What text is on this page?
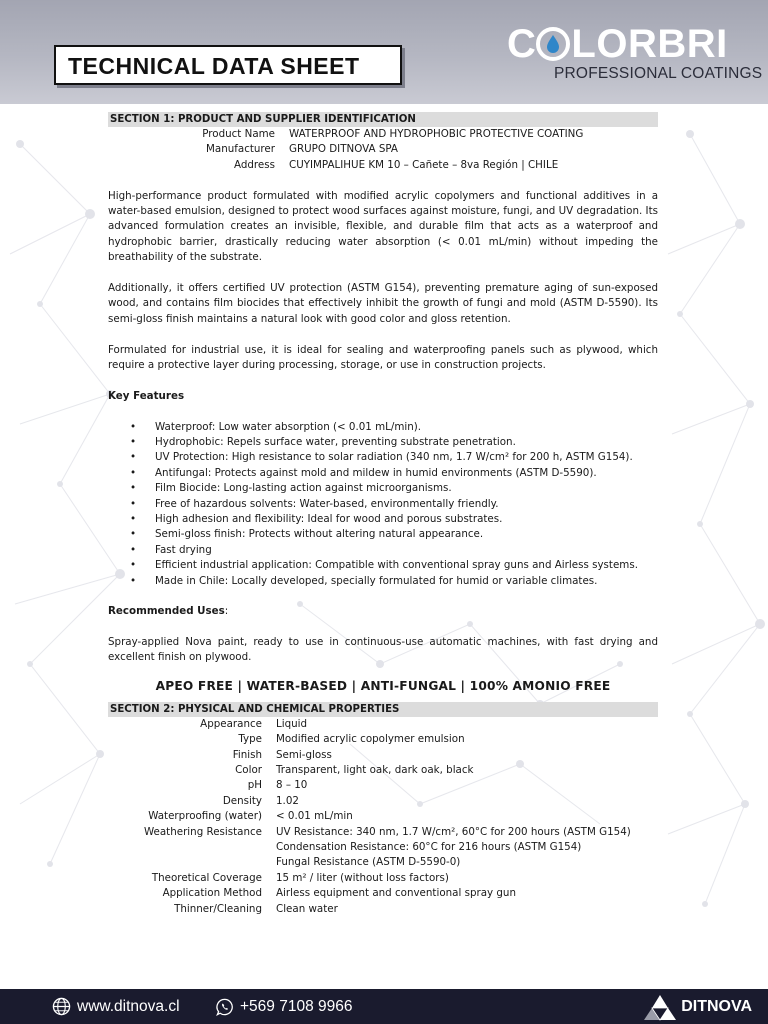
TECHNICAL DATA SHEET	C LORBRI
PROFESSIONAL COATINGS
SECTION 1: PRODUCT AND SUPPLIER IDENTIFICATION
Product Name	WATERPROOF AND HYDROPHOBIC PROTECTIVE COATING
Manufacturer	GRUPO DITNOVA SPA
Address	CUYIMPALIHUE KM 10 – Cañete – 8va Región | CHILE

High-performance product formulated with modified acrylic copolymers and functional additives in a water-based emulsion, designed to protect wood surfaces against moisture, fungi, and UV degradation. Its advanced formulation creates an invisible, flexible, and durable film that acts as a waterproof and hydrophobic barrier, drastically reducing water absorption (< 0.01 mL/min) without impeding the breathability of the substrate.

Additionally, it offers certified UV protection (ASTM G154), preventing premature aging of sun-exposed wood, and contains film biocides that effectively inhibit the growth of fungi and mold (ASTM D-5590). Its semi-gloss finish maintains a natural look with good color and gloss retention.

Formulated for industrial use, it is ideal for sealing and waterproofing panels such as plywood, which require a protective layer during processing, storage, or use in construction projects.

Key Features

• Waterproof: Low water absorption (< 0.01 mL/min).
• Hydrophobic: Repels surface water, preventing substrate penetration.
• UV Protection: High resistance to solar radiation (340 nm, 1.7 W/cm² for 200 h, ASTM G154).
• Antifungal: Protects against mold and mildew in humid environments (ASTM D-5590).
• Film Biocide: Long-lasting action against microorganisms.
• Free of hazardous solvents: Water-based, environmentally friendly.
• High adhesion and flexibility: Ideal for wood and porous substrates.
• Semi-gloss finish: Protects without altering natural appearance.
• Fast drying
• Efficient industrial application: Compatible with conventional spray guns and Airless systems.
• Made in Chile: Locally developed, specially formulated for humid or variable climates.

Recommended Uses:

Spray-applied Nova paint, ready to use in continuous-use automatic machines, with fast drying and excellent finish on plywood.

APEO FREE | WATER-BASED | ANTI-FUNGAL | 100% AMONIO FREE
SECTION 2: PHYSICAL AND CHEMICAL PROPERTIES
Appearance	Liquid
Type	Modified acrylic copolymer emulsion
Finish	Semi-gloss
Color	Transparent, light oak, dark oak, black
pH	8 – 10
Density	1.02
Waterproofing (water)	< 0.01 mL/min
Weathering Resistance	UV Resistance: 340 nm, 1.7 W/cm², 60°C for 200 hours (ASTM G154)
Condensation Resistance: 60°C for 216 hours (ASTM G154)
Fungal Resistance (ASTM D-5590-0)
Theoretical Coverage	15 m² / liter (without loss factors)
Application Method	Airless equipment and conventional spray gun
Thinner/Cleaning	Clean water
www.ditnova.cl	+569 7108 9966	DITNOVA
